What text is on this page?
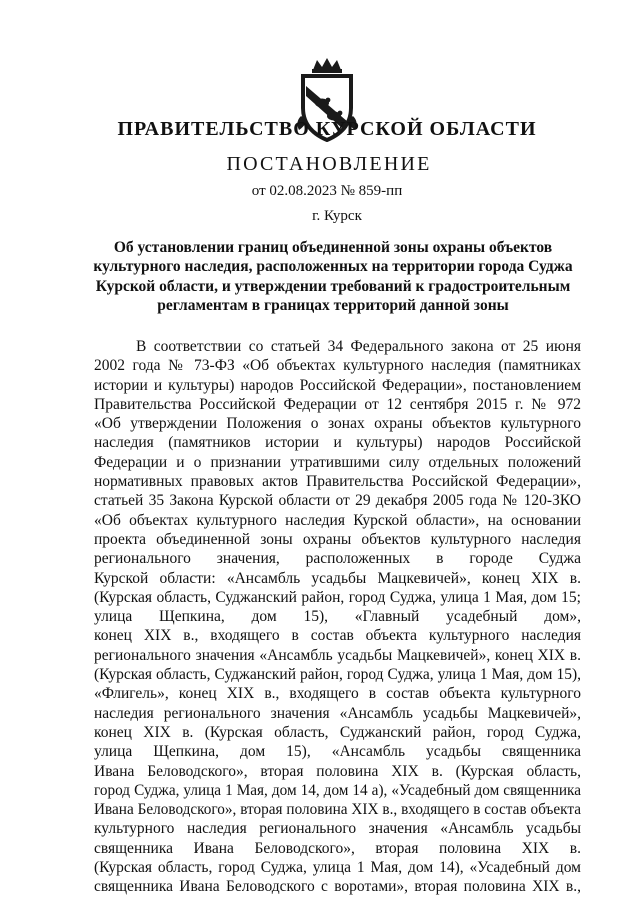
ПРАВИТЕЛЬСТВО КУРСКОЙ ОБЛАСТИ
ПОСТАНОВЛЕНИЕ
от 02.08.2023 № 859-пп
г. Курск
Об установлении границ объединенной зоны охраны объектов
культурного наследия, расположенных на территории города Суджа
Курской области, и утверждении требований к градостроительным
регламентам в границах территорий данной зоны
В соответствии со статьей 34 Федерального закона от 25 июня
2002 года № 73-ФЗ «Об объектах культурного наследия (памятниках
истории и культуры) народов Российской Федерации», постановлением
Правительства Российской Федерации от 12 сентября 2015 г. № 972
«Об утверждении Положения о зонах охраны объектов культурного
наследия (памятников истории и культуры) народов Российской
Федерации и о признании утратившими силу отдельных положений
нормативных правовых актов Правительства Российской Федерации»,
статьей 35 Закона Курской области от 29 декабря 2005 года № 120-ЗКО
«Об объектах культурного наследия Курской области», на основании
проекта объединенной зоны охраны объектов культурного наследия
регионального значения, расположенных в городе Суджа
Курской области: «Ансамбль усадьбы Мацкевичей», конец XIX в.
(Курская область, Суджанский район, город Суджа, улица 1 Мая, дом 15;
улица Щепкина, дом 15), «Главный усадебный дом»,
конец XIX в., входящего в состав объекта культурного наследия
регионального значения «Ансамбль усадьбы Мацкевичей», конец XIX в.
(Курская область, Суджанский район, город Суджа, улица 1 Мая, дом 15),
«Флигель», конец XIX в., входящего в состав объекта культурного
наследия регионального значения «Ансамбль усадьбы Мацкевичей»,
конец XIX в. (Курская область, Суджанский район, город Суджа,
улица Щепкина, дом 15), «Ансамбль усадьбы священника
Ивана Беловодского», вторая половина XIX в. (Курская область,
город Суджа, улица 1 Мая, дом 14, дом 14 а), «Усадебный дом священника
Ивана Беловодского», вторая половина XIX в., входящего в состав объекта
культурного наследия регионального значения «Ансамбль усадьбы
священника Ивана Беловодского», вторая половина XIX в.
(Курская область, город Суджа, улица 1 Мая, дом 14), «Усадебный дом
священника Ивана Беловодского с воротами», вторая половина XIX в.,
